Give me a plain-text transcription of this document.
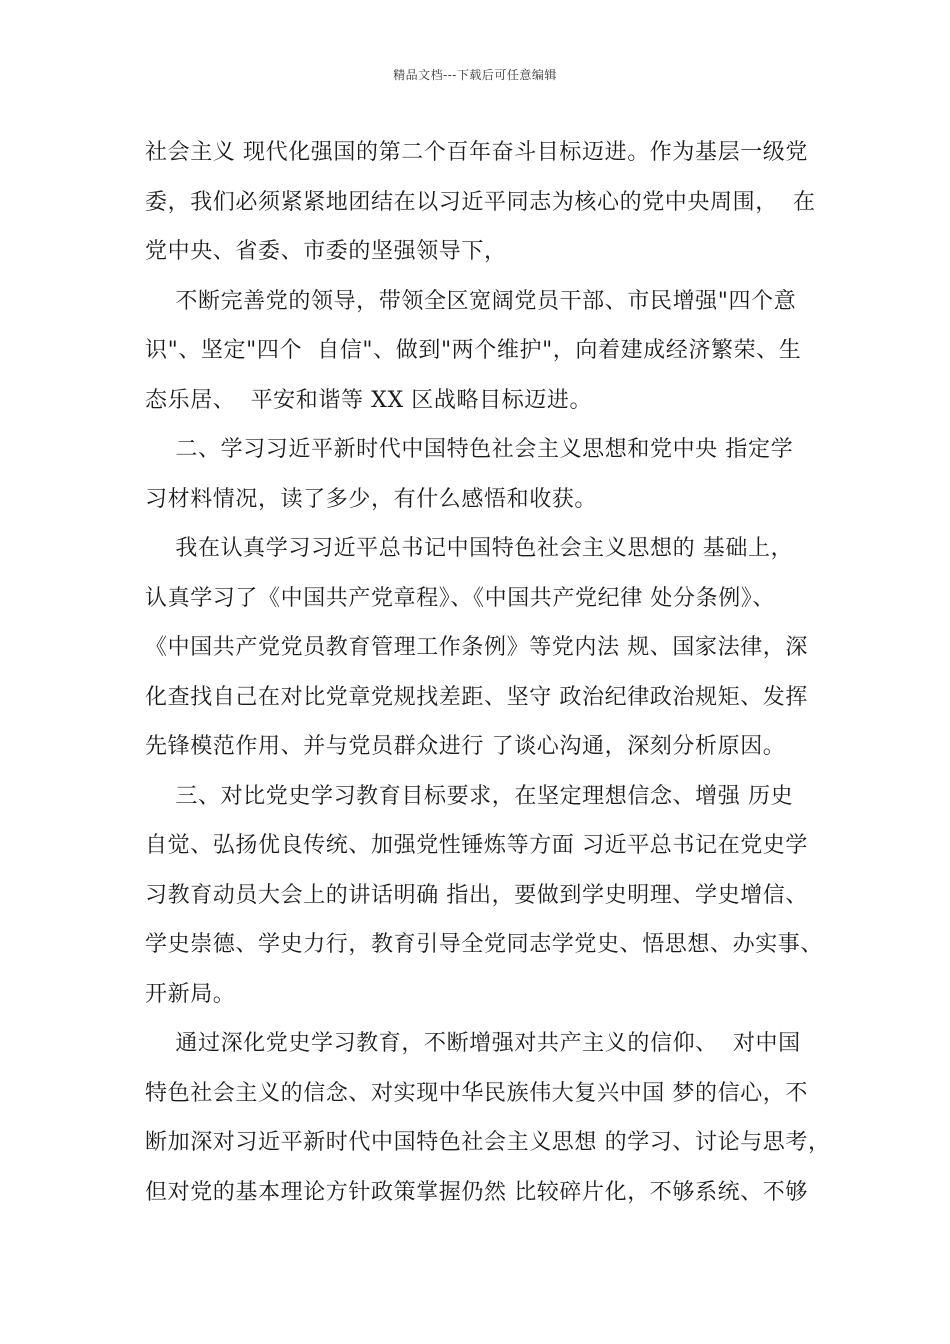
精品文档---下载后可任意编辑
社会主义 现代化强国的第二个百年奋斗目标迈进。作为基层一级党
委，我们必须紧紧地团结在以习近平同志为核心的党中央周围，  在
党中央、省委、市委的坚强领导下，
不断完善党的领导，带领全区宽阔党员干部、市民增强"四个意
识"、坚定"四个  自信"、做到"两个维护"，向着建成经济繁荣、生
态乐居、  平安和谐等 XX 区战略目标迈进。
二、学习习近平新时代中国特色社会主义思想和党中央 指定学
习材料情况，读了多少，有什么感悟和收获。
我在认真学习习近平总书记中国特色社会主义思想的 基础上，
认真学习了《中国共产党章程》、《中国共产党纪律 处分条例》、
《中国共产党党员教育管理工作条例》等党内法 规、国家法律，深
化查找自己在对比党章党规找差距、坚守 政治纪律政治规矩、发挥
先锋模范作用、并与党员群众进行 了谈心沟通，深刻分析原因。
三、对比党史学习教育目标要求，在坚定理想信念、增强 历史
自觉、弘扬优良传统、加强党性锤炼等方面 习近平总书记在党史学
习教育动员大会上的讲话明确 指出，要做到学史明理、学史增信、
学史崇德、学史力行，教育引导全党同志学党史、悟思想、办实事、
开新局。
通过深化党史学习教育，不断增强对共产主义的信仰、  对中国
特色社会主义的信念、对实现中华民族伟大复兴中国 梦的信心，不
断加深对习近平新时代中国特色社会主义思想 的学习、讨论与思考，
但对党的基本理论方针政策掌握仍然 比较碎片化，不够系统、不够
